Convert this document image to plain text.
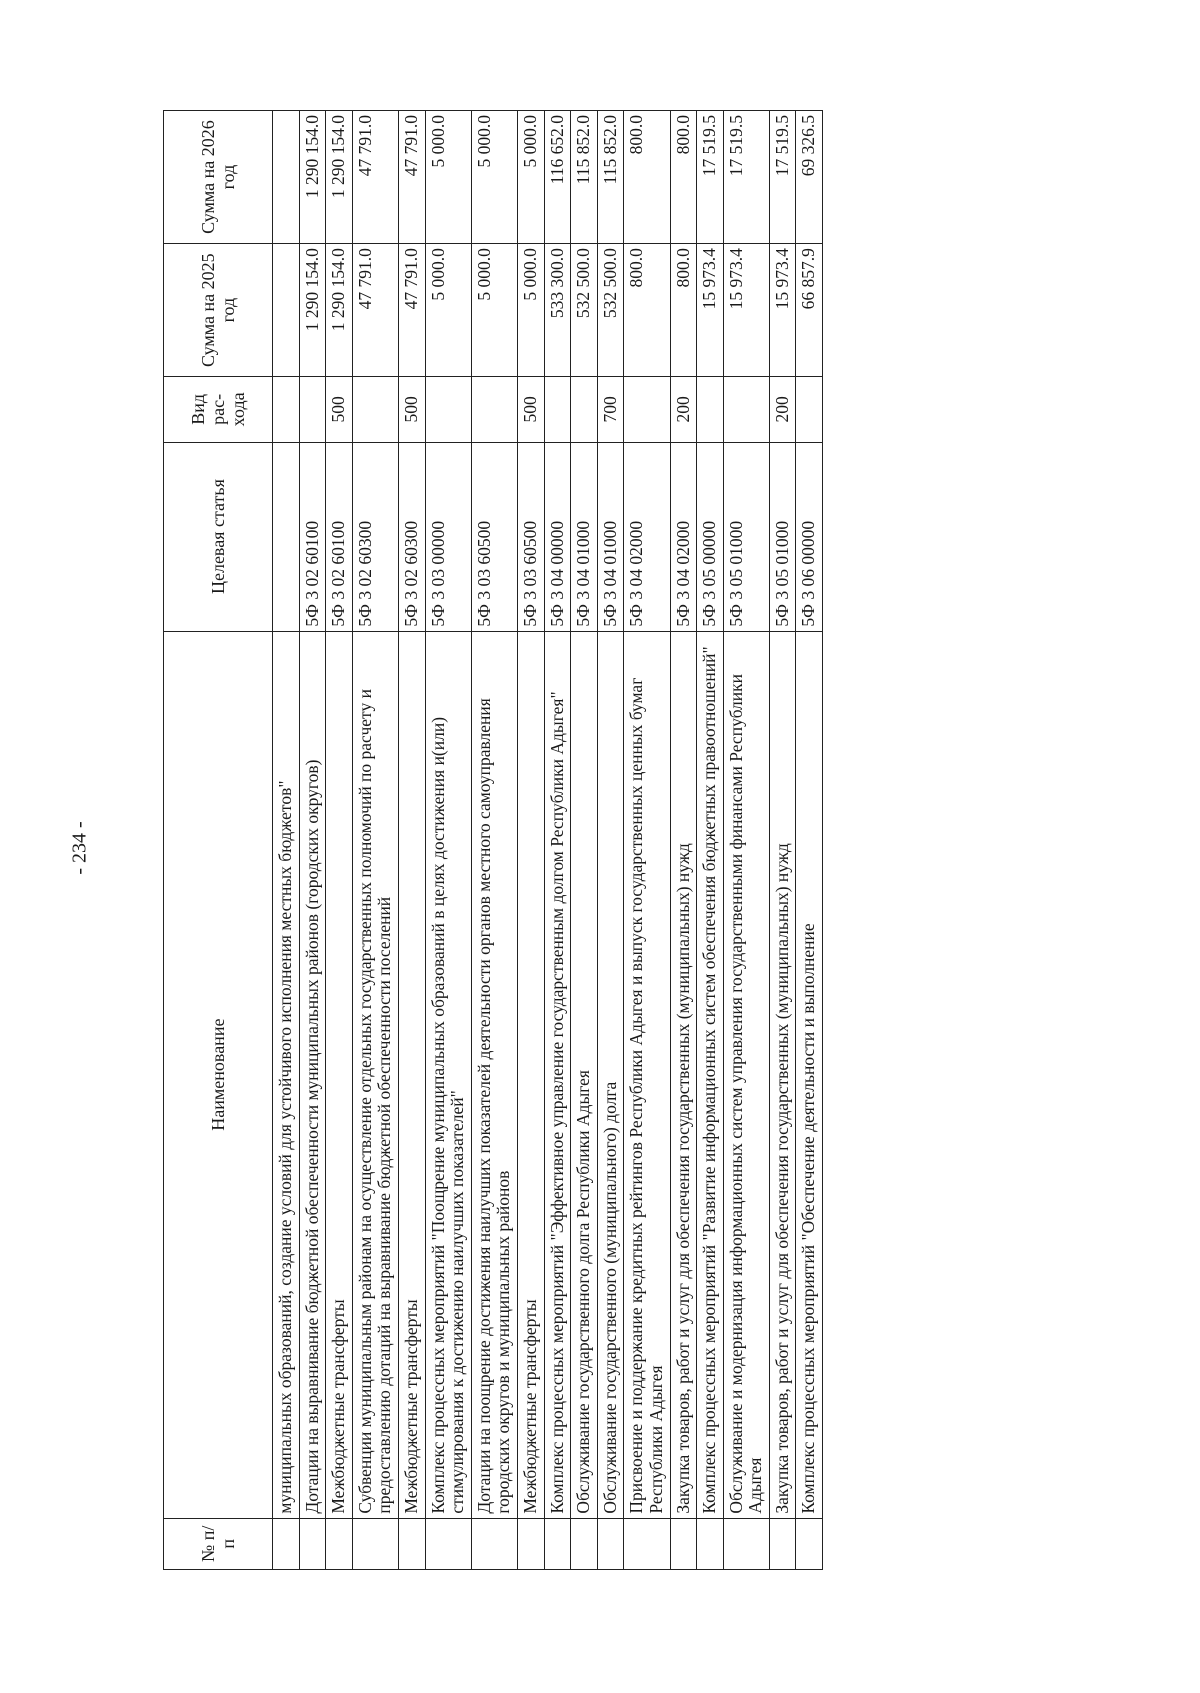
- 234 -
№ п/п	Наименование	Целевая статья	Вид рас-хода	Сумма на 2025 год	Сумма на 2026 год
	муниципальных образований, создание условий для устойчивого исполнения местных бюджетов"				
	Дотации на выравнивание бюджетной обеспеченности муниципальных районов (городских округов)	5Ф 3 02 60100		1 290 154.0	1 290 154.0
	Межбюджетные трансферты	5Ф 3 02 60100	500	1 290 154.0	1 290 154.0
	Субвенции муниципальным районам на осуществление отдельных государственных полномочий по расчету и предоставлению дотаций на выравнивание бюджетной обеспеченности поселений	5Ф 3 02 60300		47 791.0	47 791.0
	Межбюджетные трансферты	5Ф 3 02 60300	500	47 791.0	47 791.0
	Комплекс процессных мероприятий "Поощрение муниципальных образований в целях достижения и(или) стимулирования к достижению наилучших показателей"	5Ф 3 03 00000		5 000.0	5 000.0
	Дотации на поощрение достижения наилучших показателей деятельности органов местного самоуправления городских округов и муниципальных районов	5Ф 3 03 60500		5 000.0	5 000.0
	Межбюджетные трансферты	5Ф 3 03 60500	500	5 000.0	5 000.0
	Комплекс процессных мероприятий "Эффективное управление государственным долгом Республики Адыгея"	5Ф 3 04 00000		533 300.0	116 652.0
	Обслуживание государственного долга Республики Адыгея	5Ф 3 04 01000		532 500.0	115 852.0
	Обслуживание государственного (муниципального) долга	5Ф 3 04 01000	700	532 500.0	115 852.0
	Присвоение и поддержание кредитных рейтингов Республики Адыгея и выпуск государственных ценных бумаг Республики Адыгея	5Ф 3 04 02000		800.0	800.0
	Закупка товаров, работ и услуг для обеспечения государственных (муниципальных) нужд	5Ф 3 04 02000	200	800.0	800.0
	Комплекс процессных мероприятий "Развитие информационных систем обеспечения бюджетных правоотношений"	5Ф 3 05 00000		15 973.4	17 519.5
	Обслуживание и модернизация информационных систем управления государственными финансами Республики Адыгея	5Ф 3 05 01000		15 973.4	17 519.5
	Закупка товаров, работ и услуг для обеспечения государственных (муниципальных) нужд	5Ф 3 05 01000	200	15 973.4	17 519.5
	Комплекс процессных мероприятий "Обеспечение деятельности и выполнение	5Ф 3 06 00000		66 857.9	69 326.5
